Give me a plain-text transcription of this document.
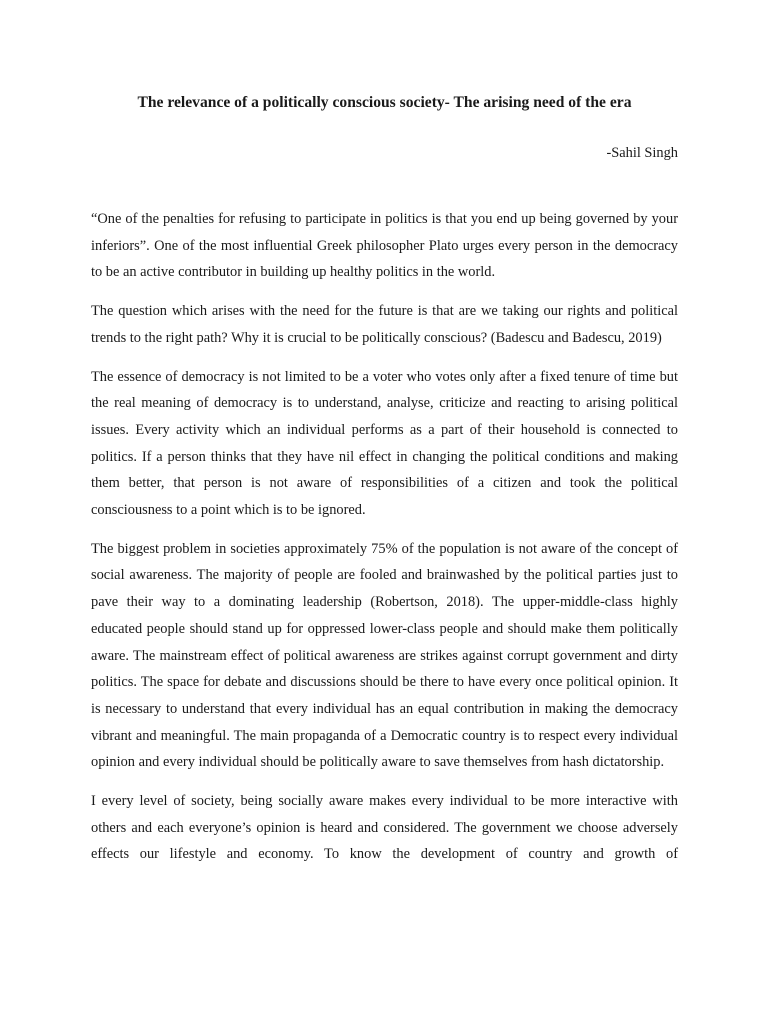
The relevance of a politically conscious society- The arising need of the era

-Sahil Singh

“One of the penalties for refusing to participate in politics is that you end up being governed by your inferiors”. One of the most influential Greek philosopher Plato urges every person in the democracy to be an active contributor in building up healthy politics in the world.

The question which arises with the need for the future is that are we taking our rights and political trends to the right path? Why it is crucial to be politically conscious? (Badescu and Badescu, 2019)

The essence of democracy is not limited to be a voter who votes only after a fixed tenure of time but the real meaning of democracy is to understand, analyse, criticize and reacting to arising political issues. Every activity which an individual performs as a part of their household is connected to politics. If a person thinks that they have nil effect in changing the political conditions and making them better, that person is not aware of responsibilities of a citizen and took the political consciousness to a point which is to be ignored.

The biggest problem in societies approximately 75% of the population is not aware of the concept of social awareness. The majority of people are fooled and brainwashed by the political parties just to pave their way to a dominating leadership (Robertson, 2018). The upper-middle-class highly educated people should stand up for oppressed lower-class people and should make them politically aware. The mainstream effect of political awareness are strikes against corrupt government and dirty politics. The space for debate and discussions should be there to have every once political opinion. It is necessary to understand that every individual has an equal contribution in making the democracy vibrant and meaningful. The main propaganda of a Democratic country is to respect every individual opinion and every individual should be politically aware to save themselves from hash dictatorship.

I every level of society, being socially aware makes every individual to be more interactive with others and each everyone’s opinion is heard and considered. The government we choose adversely effects our lifestyle and economy. To know the development of country and growth of
